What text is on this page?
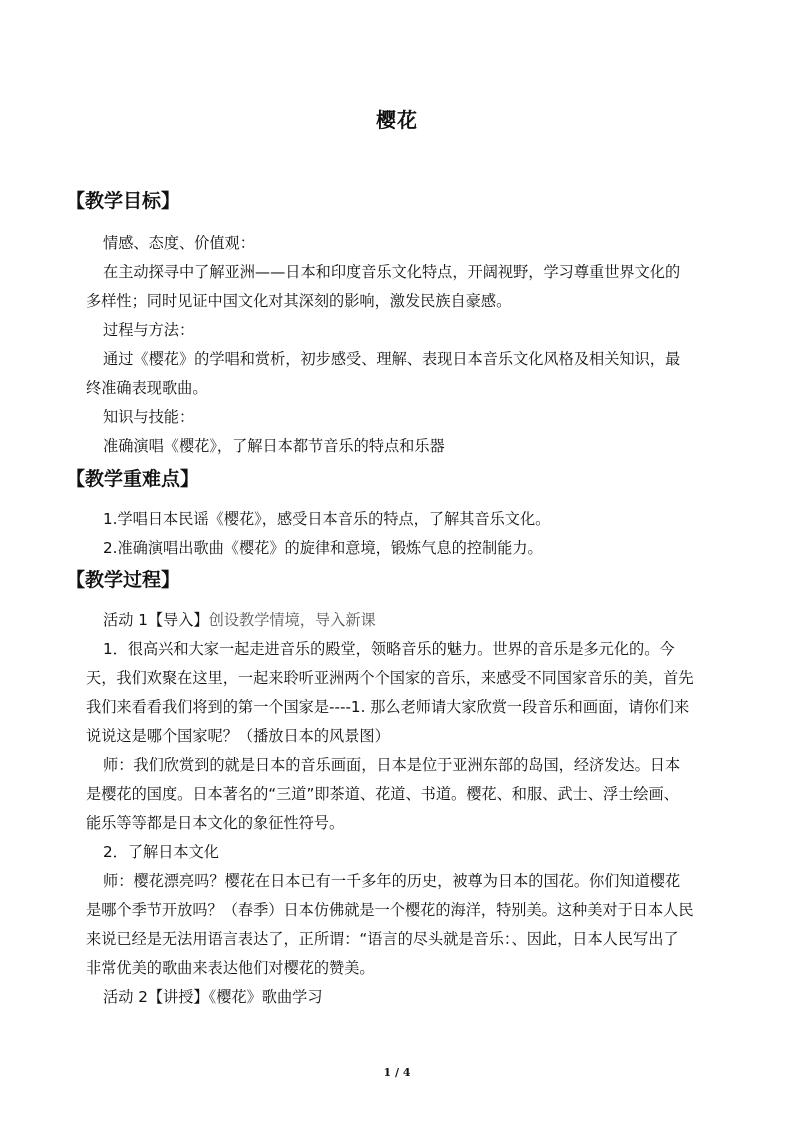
樱花
【教学目标】
情感、态度、价值观：
在主动探寻中了解亚洲——日本和印度音乐文化特点，开阔视野，学习尊重世界文化的
多样性；同时见证中国文化对其深刻的影响，激发民族自豪感。
过程与方法：
通过《樱花》的学唱和赏析，初步感受、理解、表现日本音乐文化风格及相关知识，最
终准确表现歌曲。
知识与技能：
准确演唱《樱花》，了解日本都节音乐的特点和乐器
【教学重难点】
1.学唱日本民谣《樱花》，感受日本音乐的特点，了解其音乐文化。
2.准确演唱出歌曲《樱花》的旋律和意境，锻炼气息的控制能力。
【教学过程】
活动 1【导入】创设教学情境，导入新课
1．很高兴和大家一起走进音乐的殿堂，领略音乐的魅力。世界的音乐是多元化的。今
天，我们欢聚在这里，一起来聆听亚洲两个个国家的音乐，来感受不同国家音乐的美，首先
我们来看看我们将到的第一个国家是----1. 那么老师请大家欣赏一段音乐和画面，请你们来
说说这是哪个国家呢？（播放日本的风景图）
师：我们欣赏到的就是日本的音乐画面，日本是位于亚洲东部的岛国，经济发达。日本
是樱花的国度。日本著名的“三道”即茶道、花道、书道。樱花、和服、武士、浮士绘画、
能乐等等都是日本文化的象征性符号。
2．了解日本文化
师：樱花漂亮吗？樱花在日本已有一千多年的历史，被尊为日本的国花。你们知道樱花
是哪个季节开放吗？（春季）日本仿佛就是一个樱花的海洋，特别美。这种美对于日本人民
来说已经是无法用语言表达了，正所谓：“语言的尽头就是音乐：、因此，日本人民写出了
非常优美的歌曲来表达他们对樱花的赞美。
活动 2【讲授】《樱花》歌曲学习
1 / 4
